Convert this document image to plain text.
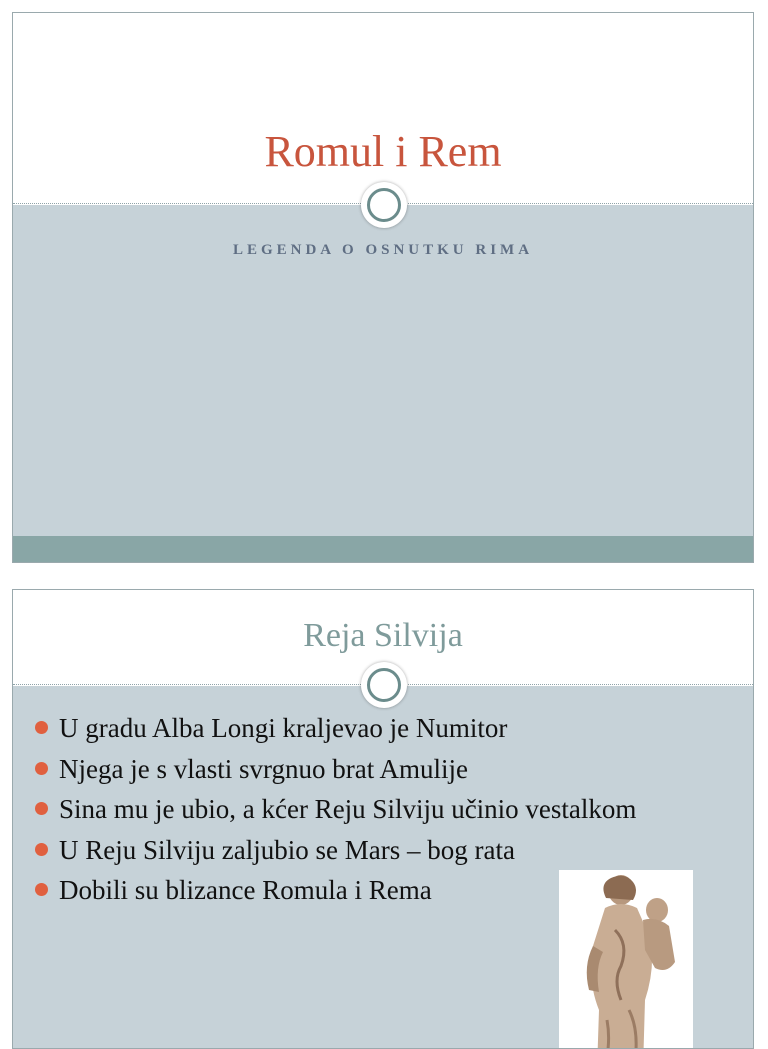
Romul i Rem
LEGENDA O OSNUTKU RIMA
Reja Silvija
U gradu Alba Longi kraljevao je Numitor
Njega je s vlasti svrgnuo brat Amulije
Sina mu je ubio, a kćer Reju Silviju učinio vestalkom
U Reju Silviju zaljubio se Mars – bog rata
Dobili su blizance Romula i Rema
